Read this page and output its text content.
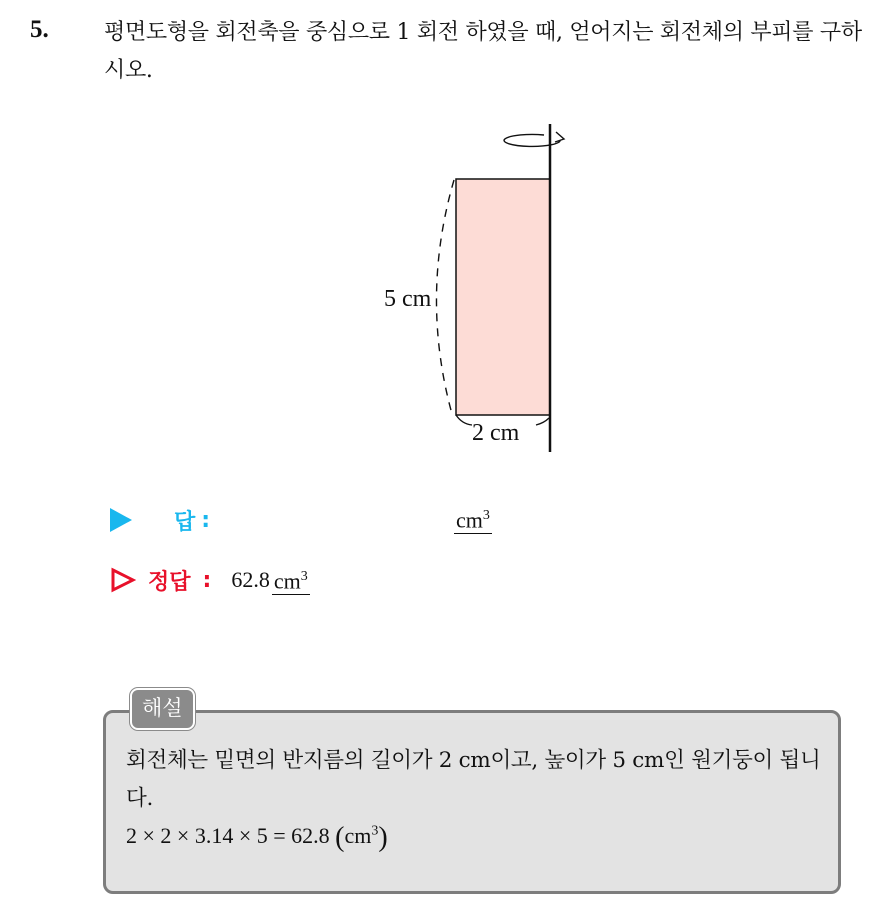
5.	평면도형을 회전축을 중심으로 1 회전 하였을 때, 얻어지는 회전체의 부피를 구하시오.
5 cm
2 cm
답 :	$cm^3$
정답 : 62.8 $cm^3$
해설
회전체는 밑면의 반지름의 길이가 2 cm이고, 높이가 5 cm인 원기둥이 됩니다.
2 × 2 × 3.14 × 5 = 62.8 $(cm^3)$
